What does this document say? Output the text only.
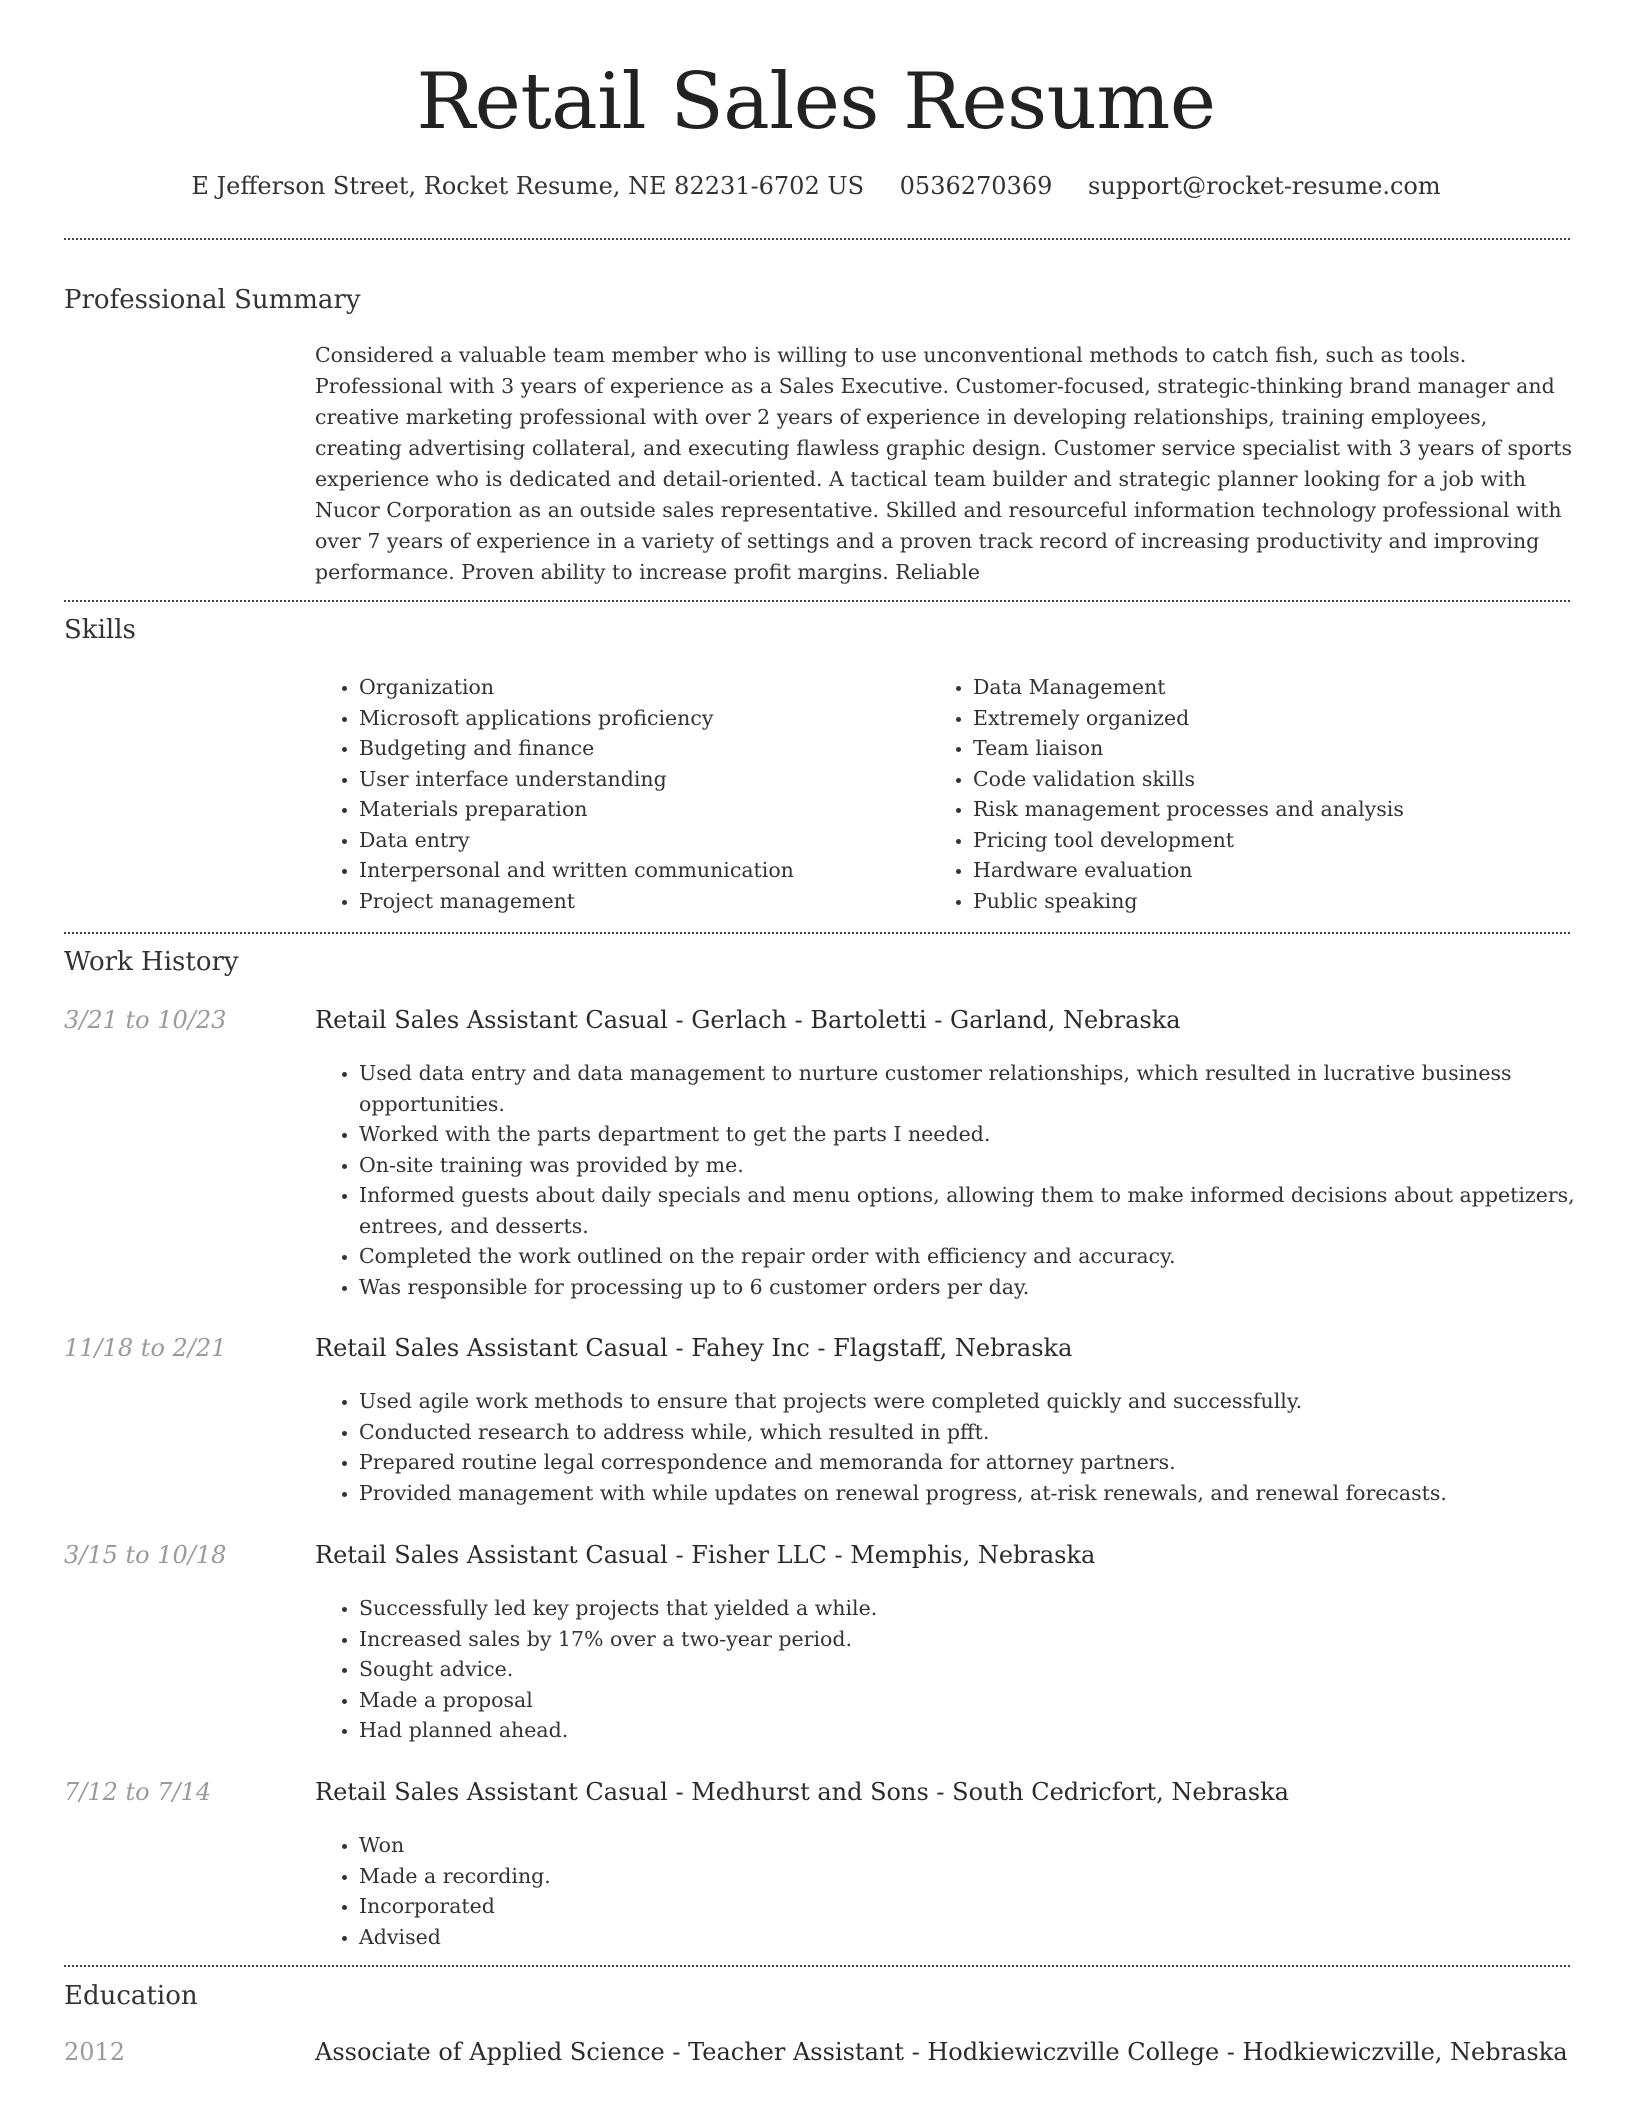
Retail Sales Resume
E Jefferson Street, Rocket Resume, NE 82231-6702 US 0536270369 support@rocket-resume.com
Professional Summary
Considered a valuable team member who is willing to use unconventional methods to catch fish, such as tools. Professional with 3 years of experience as a Sales Executive. Customer-focused, strategic-thinking brand manager and creative marketing professional with over 2 years of experience in developing relationships, training employees, creating advertising collateral, and executing flawless graphic design. Customer service specialist with 3 years of sports experience who is dedicated and detail-oriented. A tactical team builder and strategic planner looking for a job with Nucor Corporation as an outside sales representative. Skilled and resourceful information technology professional with over 7 years of experience in a variety of settings and a proven track record of increasing productivity and improving performance. Proven ability to increase profit margins. Reliable
Skills
• Organization
• Microsoft applications proficiency
• Budgeting and finance
• User interface understanding
• Materials preparation
• Data entry
• Interpersonal and written communication
• Project management
• Data Management
• Extremely organized
• Team liaison
• Code validation skills
• Risk management processes and analysis
• Pricing tool development
• Hardware evaluation
• Public speaking
Work History
3/21 to 10/23	Retail Sales Assistant Casual - Gerlach - Bartoletti - Garland, Nebraska
• Used data entry and data management to nurture customer relationships, which resulted in lucrative business opportunities.
• Worked with the parts department to get the parts I needed.
• On-site training was provided by me.
• Informed guests about daily specials and menu options, allowing them to make informed decisions about appetizers, entrees, and desserts.
• Completed the work outlined on the repair order with efficiency and accuracy.
• Was responsible for processing up to 6 customer orders per day.
11/18 to 2/21	Retail Sales Assistant Casual - Fahey Inc - Flagstaff, Nebraska
• Used agile work methods to ensure that projects were completed quickly and successfully.
• Conducted research to address while, which resulted in pfft.
• Prepared routine legal correspondence and memoranda for attorney partners.
• Provided management with while updates on renewal progress, at-risk renewals, and renewal forecasts.
3/15 to 10/18	Retail Sales Assistant Casual - Fisher LLC - Memphis, Nebraska
• Successfully led key projects that yielded a while.
• Increased sales by 17% over a two-year period.
• Sought advice.
• Made a proposal
• Had planned ahead.
7/12 to 7/14	Retail Sales Assistant Casual - Medhurst and Sons - South Cedricfort, Nebraska
• Won
• Made a recording.
• Incorporated
• Advised
Education
2012	Associate of Applied Science - Teacher Assistant - Hodkiewiczville College - Hodkiewiczville, Nebraska
